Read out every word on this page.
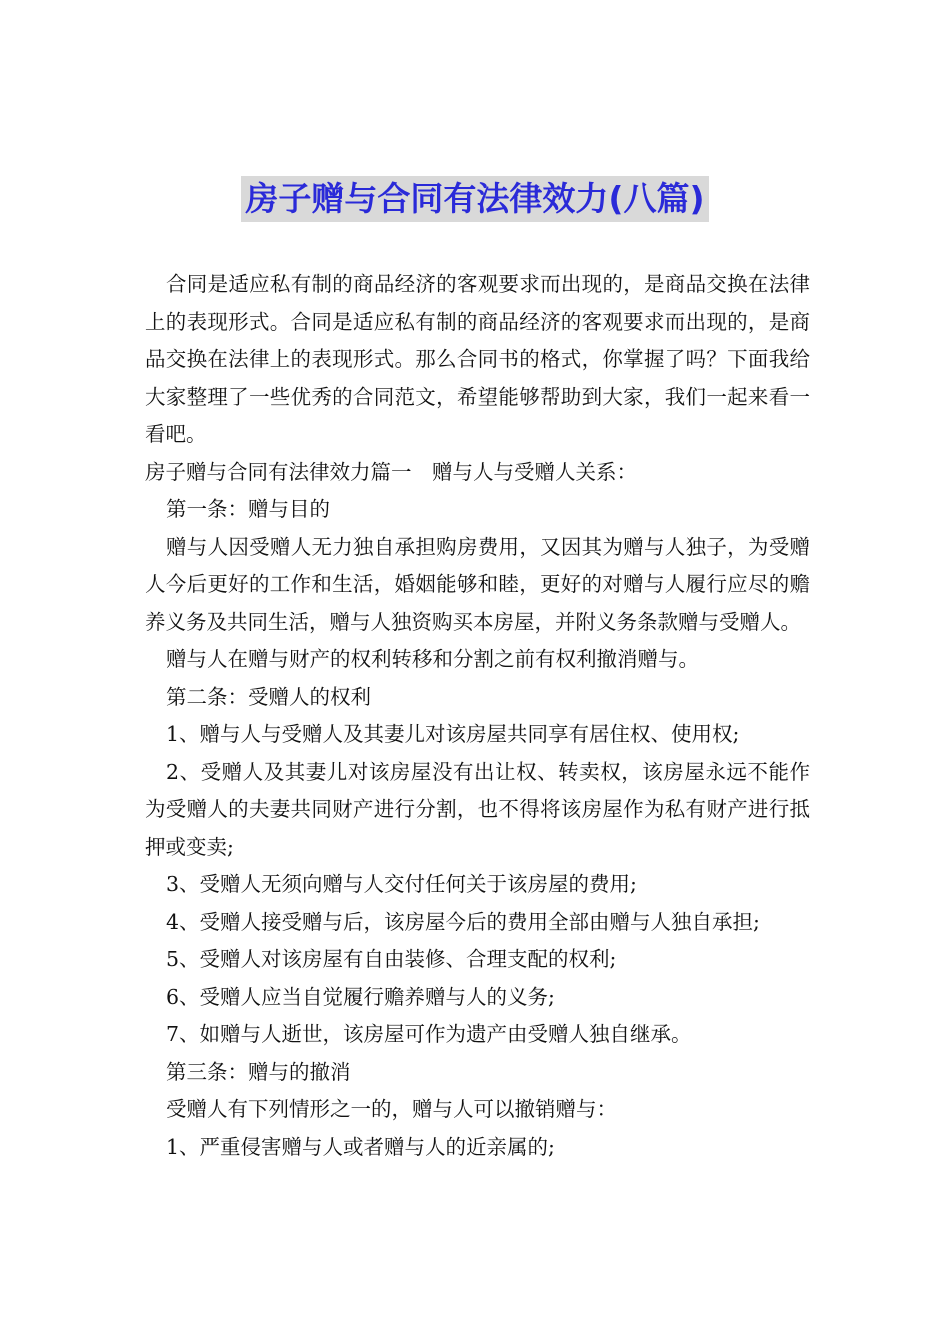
房子赠与合同有法律效力(八篇)

合同是适应私有制的商品经济的客观要求而出现的，是商品交换在法律上的表现形式。合同是适应私有制的商品经济的客观要求而出现的，是商品交换在法律上的表现形式。那么合同书的格式，你掌握了吗？下面我给大家整理了一些优秀的合同范文，希望能够帮助到大家，我们一起来看一看吧。

房子赠与合同有法律效力篇一　赠与人与受赠人关系：

第一条：赠与目的

赠与人因受赠人无力独自承担购房费用，又因其为赠与人独子，为受赠人今后更好的工作和生活，婚姻能够和睦，更好的对赠与人履行应尽的赡养义务及共同生活，赠与人独资购买本房屋，并附义务条款赠与受赠人。

赠与人在赠与财产的权利转移和分割之前有权利撤消赠与。

第二条：受赠人的权利

1、赠与人与受赠人及其妻儿对该房屋共同享有居住权、使用权;

2、受赠人及其妻儿对该房屋没有出让权、转卖权，该房屋永远不能作为受赠人的夫妻共同财产进行分割，也不得将该房屋作为私有财产进行抵押或变卖;

3、受赠人无须向赠与人交付任何关于该房屋的费用;

4、受赠人接受赠与后，该房屋今后的费用全部由赠与人独自承担;

5、受赠人对该房屋有自由装修、合理支配的权利;

6、受赠人应当自觉履行赡养赠与人的义务;

7、如赠与人逝世，该房屋可作为遗产由受赠人独自继承。

第三条：赠与的撤消

受赠人有下列情形之一的，赠与人可以撤销赠与：

1、严重侵害赠与人或者赠与人的近亲属的;
